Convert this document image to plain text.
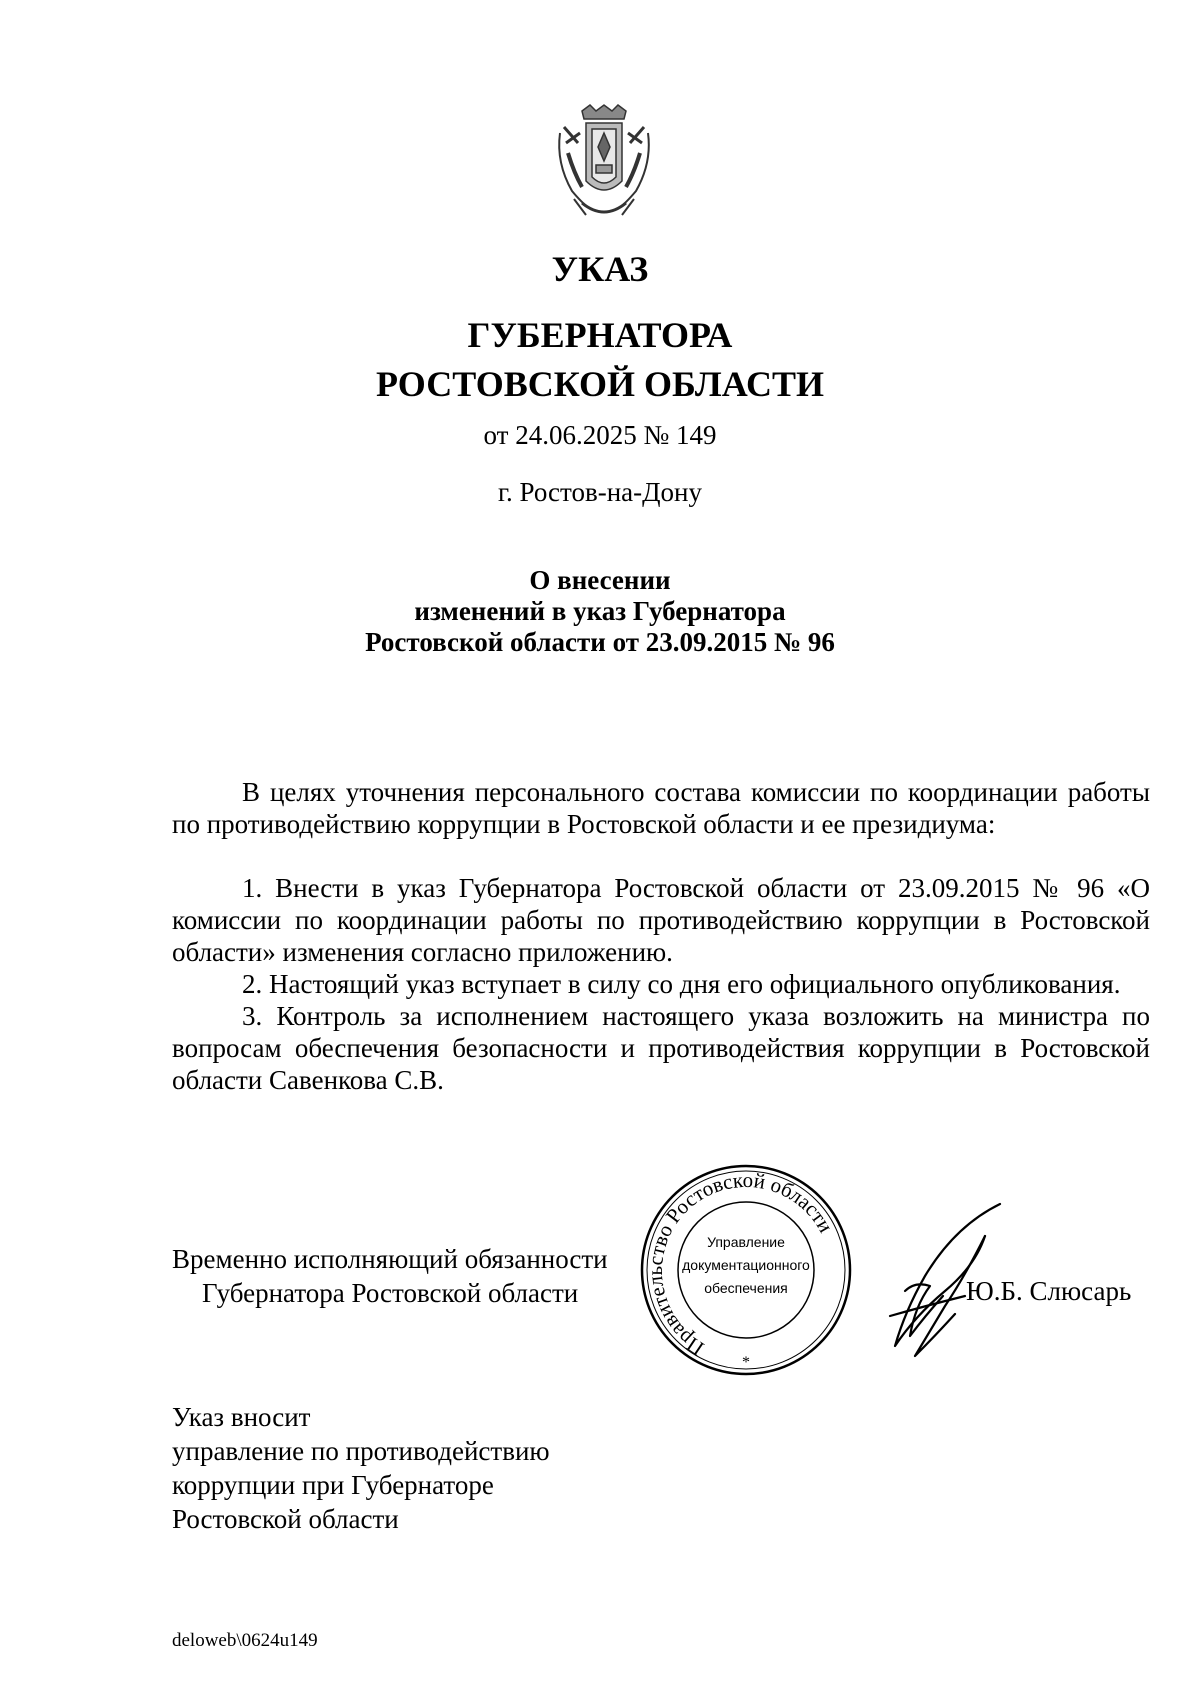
УКАЗ
ГУБЕРНАТОРА
РОСТОВСКОЙ ОБЛАСТИ
от 24.06.2025 № 149
г. Ростов-на-Дону
О внесении
изменений в указ Губернатора
Ростовской области от 23.09.2015 № 96

В целях уточнения персонального состава комиссии по координации работы по противодействию коррупции в Ростовской области и ее президиума:

1. Внести в указ Губернатора Ростовской области от 23.09.2015 № 96 «О комиссии по координации работы по противодействию коррупции в Ростовской области» изменения согласно приложению.

2. Настоящий указ вступает в силу со дня его официального опубликования.

3. Контроль за исполнением настоящего указа возложить на министра по вопросам обеспечения безопасности и противодействия коррупции в Ростовской области Савенкова С.В.

Временно исполняющий обязанности
Губернатора Ростовской области
Правительство Ростовской области
Управление
документационного
обеспечения
*
Ю.Б. Слюсарь
Указ вносит
управление по противодействию
коррупции при Губернаторе
Ростовской области
deloweb\0624u149
